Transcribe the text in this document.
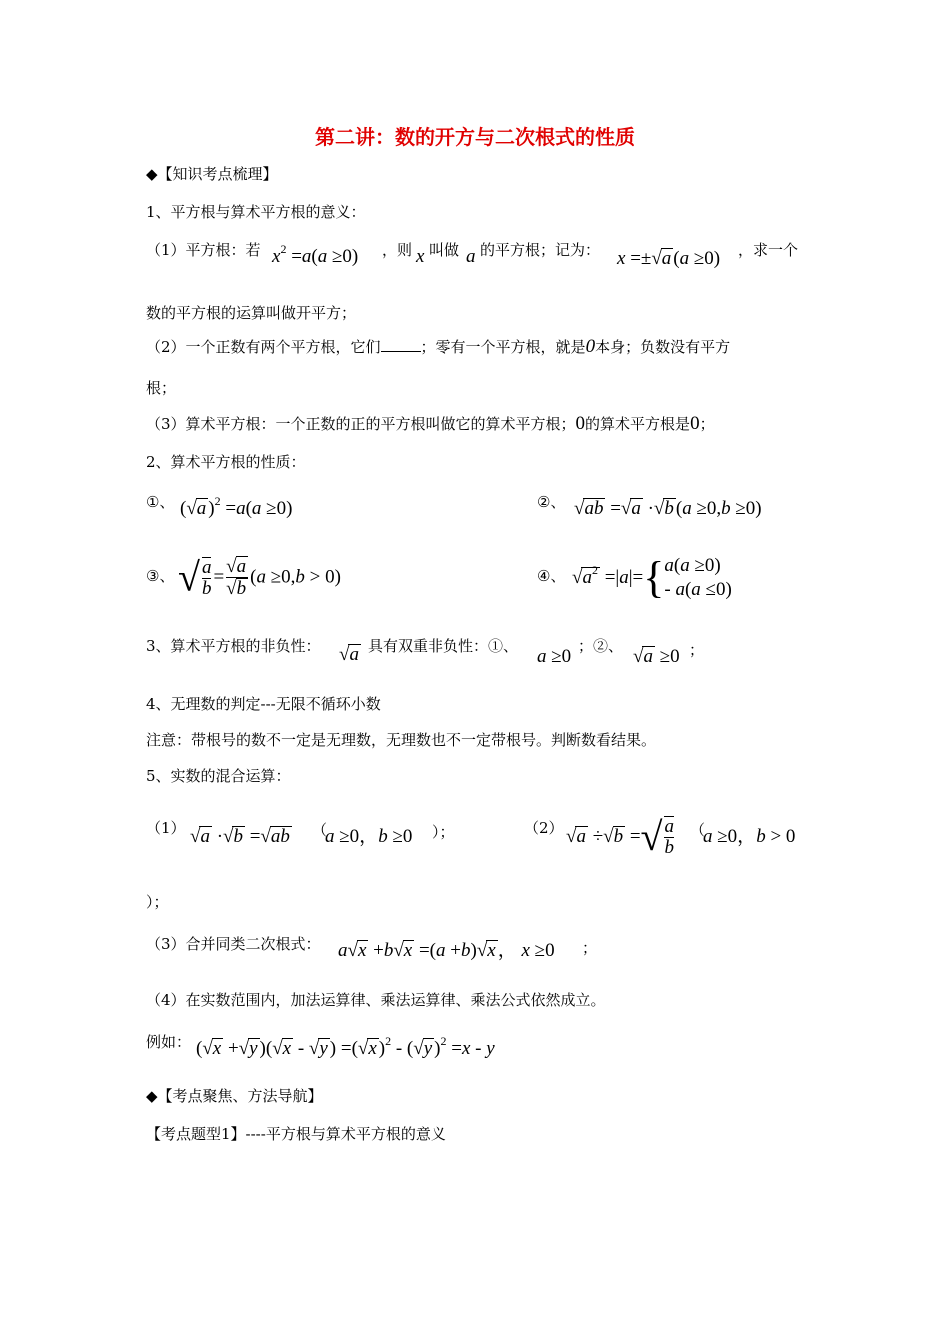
第二讲：数的开方与二次根式的性质
◆【知识考点梳理】
1、平方根与算术平方根的意义：
（1）平方根：若 $x^2 =a(a \ge 0)$ ，则 x 叫做 a 的平方根；记为： x =±√a (a ≥0) ，求一个
数的平方根的运算叫做开平方；
（2）一个正数有两个平方根，它们	；零有一个平方根，就是0本身；负数没有平方
根；
（3）算术平方根：一个正数的正的平方根叫做它的算术平方根；0的算术平方根是0；
2、算术平方根的性质：
①、 (√a )$^2$ =a(a ≥0)	②、 √ab =√a ·√b (a ≥0,b ≥0)
③、 √ $\frac{a}{b} = \frac{√a}{√b} (a \ge 0,b > 0)$	④、 $√a^2 =|a|=${ a(a ≥0)
- a(a ≤0)
3、算术平方根的非负性： √a 具有双重非负性：①、 a ≥0 ；②、 √a ≥0 ；
4、无理数的判定---无限不循环小数
注意：带根号的数不一定是无理数，无理数也不一定带根号。判断数看结果。
5、实数的混合运算：
（1） √a ·√b =√ab （
a ≥0，b ≥0 ）；	（2） √a ÷√b =√ $\frac{a}{b}$ （
a ≥0，b > 0
）；
（3）合并同类二次根式： a√x +b√x =(a +b)√x ， x ≥0 ；
（4）在实数范围内，加法运算律、乘法运算律、乘法公式依然成立。
例如： (√x +√y )(√x - √y ) =(√x )$^2$ - (√y )$^2$ =x - y
◆【考点聚焦、方法导航】
【考点题型1】----平方根与算术平方根的意义
